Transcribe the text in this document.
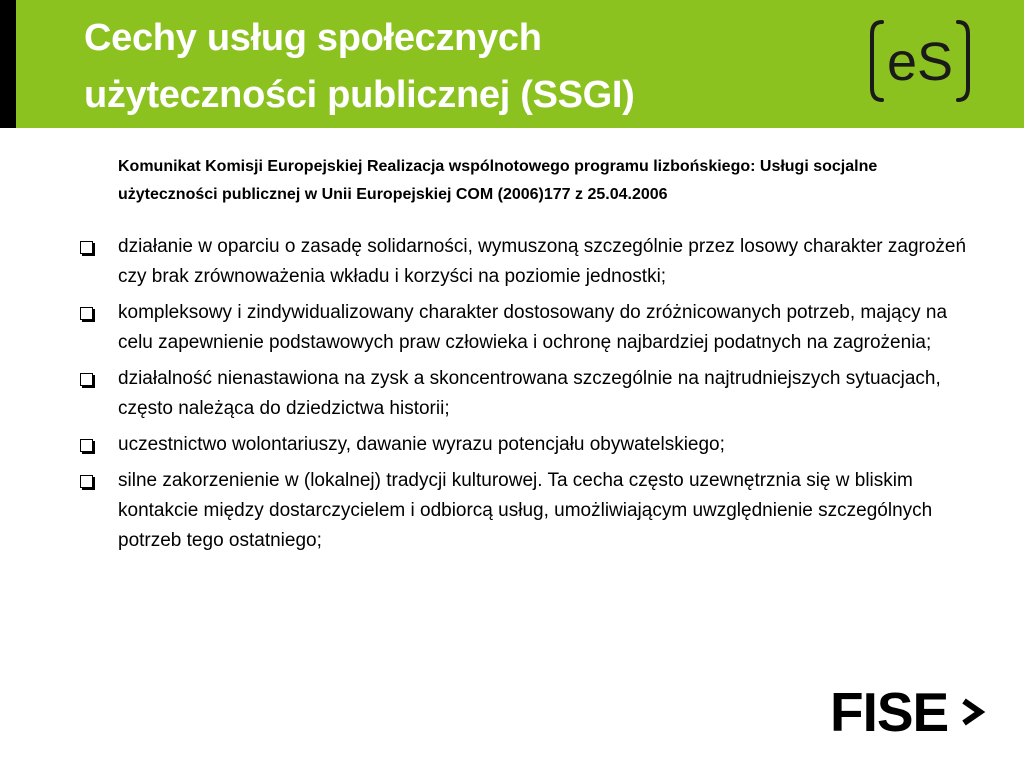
Cechy usług społecznych
użyteczności publicznej (SSGI)
eS
Komunikat Komisji Europejskiej Realizacja wspólnotowego programu lizbońskiego: Usługi socjalne użyteczności publicznej w Unii Europejskiej COM (2006)177 z 25.04.2006
działanie w oparciu o zasadę solidarności, wymuszoną szczególnie przez losowy charakter zagrożeń czy brak zrównoważenia wkładu i korzyści na poziomie jednostki;
kompleksowy i zindywidualizowany charakter dostosowany do zróżnicowanych potrzeb, mający na celu zapewnienie podstawowych praw człowieka i ochronę najbardziej podatnych na zagrożenia;
działalność nienastawiona na zysk a skoncentrowana szczególnie na najtrudniejszych sytuacjach, często należąca do dziedzictwa historii;
uczestnictwo wolontariuszy, dawanie wyrazu potencjału obywatelskiego;
silne zakorzenienie w (lokalnej) tradycji kulturowej. Ta cecha często uzewnętrznia się w bliskim kontakcie między dostarczycielem i odbiorcą usług, umożliwiającym uwzględnienie szczególnych potrzeb tego ostatniego;
FISE
